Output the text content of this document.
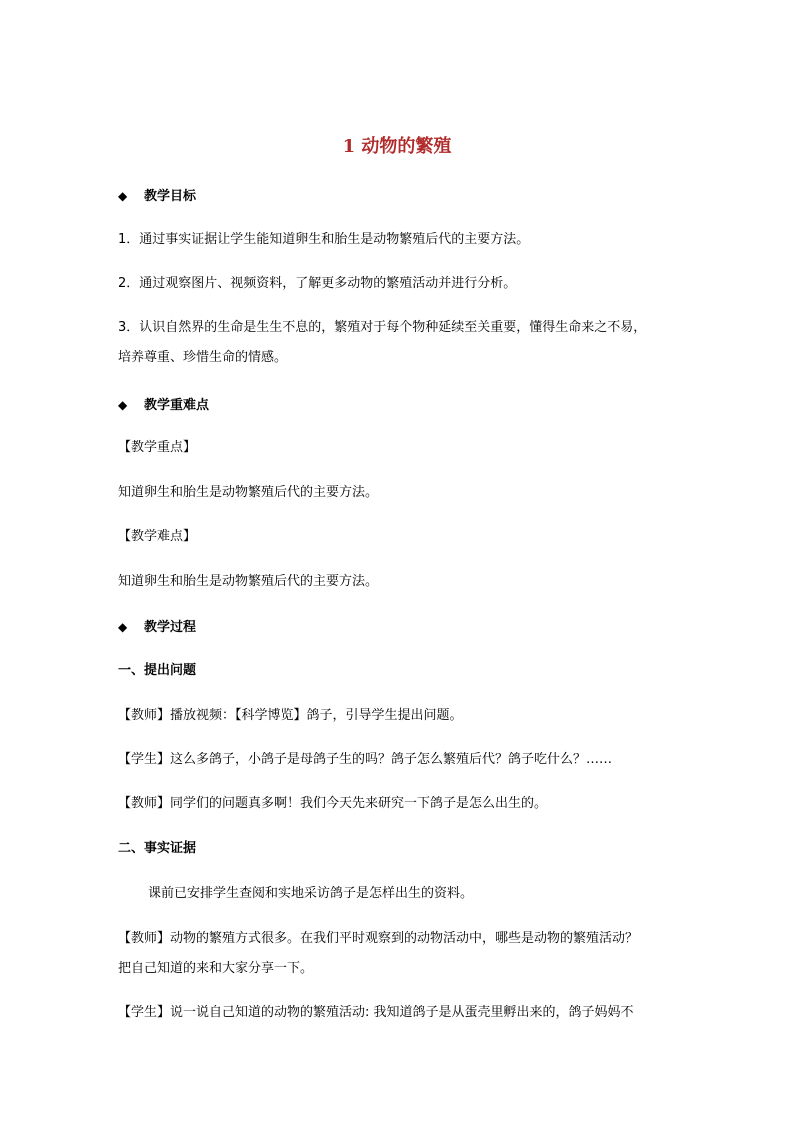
1 动物的繁殖
◆ 教学目标
1．通过事实证据让学生能知道卵生和胎生是动物繁殖后代的主要方法。
2．通过观察图片、视频资料，了解更多动物的繁殖活动并进行分析。
3．认识自然界的生命是生生不息的，繁殖对于每个物种延续至关重要，懂得生命来之不易，
培养尊重、珍惜生命的情感。
◆ 教学重难点
【教学重点】
知道卵生和胎生是动物繁殖后代的主要方法。
【教学难点】
知道卵生和胎生是动物繁殖后代的主要方法。
◆ 教学过程
一、提出问题
【教师】播放视频：【科学博览】鸽子，引导学生提出问题。
【学生】这么多鸽子，小鸽子是母鸽子生的吗？鸽子怎么繁殖后代？鸽子吃什么？……
【教师】同学们的问题真多啊！我们今天先来研究一下鸽子是怎么出生的。
二、事实证据
课前已安排学生查阅和实地采访鸽子是怎样出生的资料。
【教师】动物的繁殖方式很多。在我们平时观察到的动物活动中，哪些是动物的繁殖活动？
把自己知道的来和大家分享一下。
【学生】说一说自己知道的动物的繁殖活动: 我知道鸽子是从蛋壳里孵出来的，鸽子妈妈不
